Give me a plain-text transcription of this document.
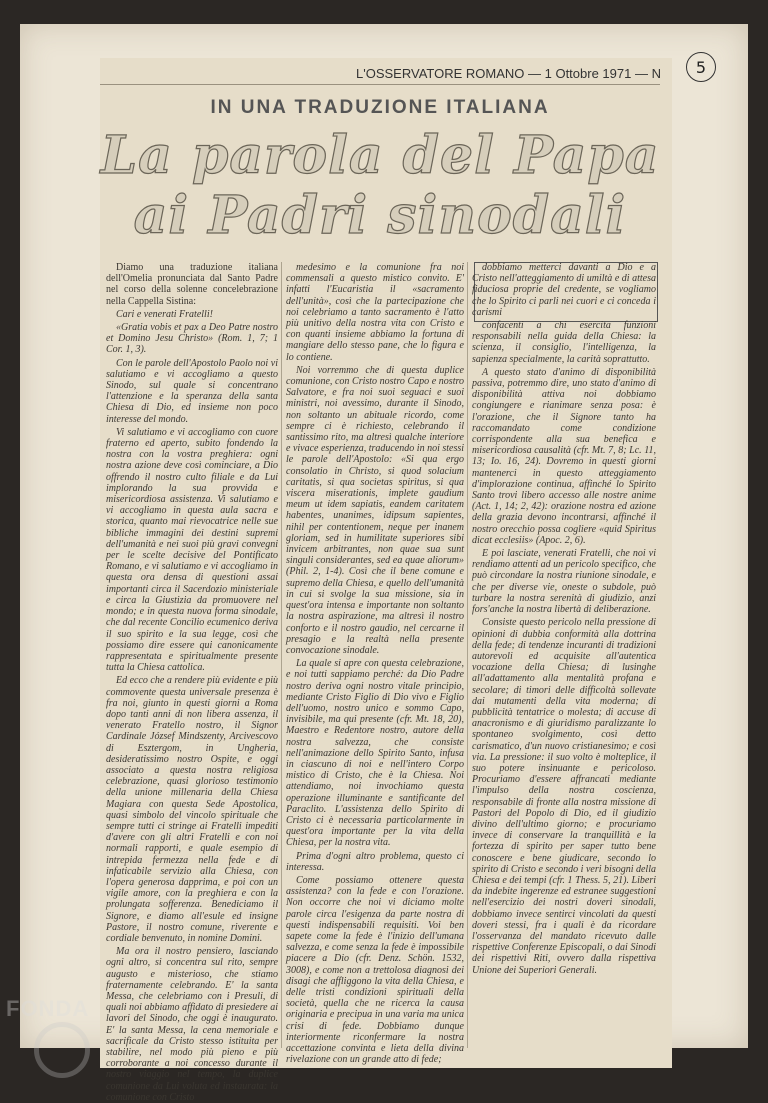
5
L'OSSERVATORE ROMANO — 1 Ottobre 1971 — N
IN UNA TRADUZIONE ITALIANA
La parola del Papa
ai Padri sinodali

Diamo una traduzione italiana dell'Omelia pronunciata dal Santo Padre nel corso della solenne concelebrazione nella Cappella Sistina:

Cari e venerati Fratelli!

«Gratia vobis et pax a Deo Patre nostro et Domino Jesu Christo» (Rom. 1, 7; 1 Cor. 1, 3).

Con le parole dell'Apostolo Paolo noi vi salutiamo e vi accogliamo a questo Sinodo, sul quale si concentrano l'attenzione e la speranza della santa Chiesa di Dio, ed insieme non poco interesse del mondo.

Vi salutiamo e vi accogliamo con cuore fraterno ed aperto, subito fondendo la nostra con la vostra preghiera: ogni nostra azione deve così cominciare, a Dio offrendo il nostro culto filiale e da Lui implorando la sua provvida e misericordiosa assistenza. Vi salutiamo e vi accogliamo in questa aula sacra e storica, quanto mai rievocatrice nelle sue bibliche immagini dei destini supremi dell'umanità e nei suoi più gravi convegni per le scelte decisive del Pontificato Romano, e vi salutiamo e vi accogliamo in questa ora densa di questioni assai importanti circa il Sacerdozio ministeriale e circa la Giustizia da promuovere nel mondo; e in questa nuova forma sinodale, che dal recente Concilio ecumenico deriva il suo spirito e la sua legge, così che possiamo dire essere qui canonicamente rappresentata e spiritualmente presente tutta la Chiesa cattolica.

Ed ecco che a rendere più evidente e più commovente questa universale presenza è fra noi, giunto in questi giorni a Roma dopo tanti anni di non libera assenza, il venerato Fratello nostro, il Signor Cardinale József Mindszenty, Arcivescovo di Esztergom, in Ungheria, desideratissimo nostro Ospite, e oggi associato a questa nostra religiosa celebrazione, quasi glorioso testimonio della unione millenaria della Chiesa Magiara con questa Sede Apostolica, quasi simbolo del vincolo spirituale che sempre tutti ci stringe ai Fratelli impediti d'avere con gli altri Fratelli e con noi normali rapporti, e quale esempio di intrepida fermezza nella fede e di infaticabile servizio alla Chiesa, con l'opera generosa dapprima, e poi con un vigile amore, con la preghiera e con la prolungata sofferenza. Benediciamo il Signore, e diamo all'esule ed insigne Pastore, il nostro comune, riverente e cordiale benvenuto, in nomine Domini.

Ma ora il nostro pensiero, lasciando ogni altro, si concentra sul rito, sempre augusto e misterioso, che stiamo fraternamente celebrando. E' la santa Messa, che celebriamo con i Presuli, di quali noi abbiamo affidato di presiedere ai lavori del Sinodo, che oggi è inaugurato. E' la santa Messa, la cena memoriale e sacrificale da Cristo stesso istituita per stabilire, nel modo più pieno e più corroborante a noi concesso durante il nostro viaggio nel tempo, la duplice comunione da Lui voluta ed instaurata: la comunione con Cristo

medesimo e la comunione fra noi commensali a questo mistico convito. E' infatti l'Eucaristia il «sacramento dell'unità», così che la partecipazione che noi celebriamo a tanto sacramento è l'atto più unitivo della nostra vita con Cristo e con quanti insieme abbiamo la fortuna di mangiare dello stesso pane, che lo figura e lo contiene.

Noi vorremmo che di questa duplice comunione, con Cristo nostro Capo e nostro Salvatore, e fra noi suoi seguaci e suoi ministri, noi avessimo, durante il Sinodo, non soltanto un abituale ricordo, come sempre ci è richiesto, celebrando il santissimo rito, ma altresì qualche interiore e vivace esperienza, traducendo in noi stessi le parole dell'Apostolo: «Si qua ergo consolatio in Christo, si quod solacium caritatis, si qua societas spiritus, si qua viscera miserationis, implete gaudium meum ut idem sapiatis, eandem caritatem habentes, unanimes, idipsum sapientes, nihil per contentionem, neque per inanem gloriam, sed in humilitate superiores sibi invicem arbitrantes, non quae sua sunt singuli considerantes, sed ea quae aliorum» (Phil. 2, 1-4). Così che il bene comune e supremo della Chiesa, e quello dell'umanità in cui si svolge la sua missione, sia in quest'ora intensa e importante non soltanto la nostra aspirazione, ma altresì il nostro conforto e il nostro gaudio, nel cercarne il presagio e la realtà nella presente convocazione sinodale.

La quale si apre con questa celebrazione, e noi tutti sappiamo perché: da Dio Padre nostro deriva ogni nostro vitale principio, mediante Cristo Figlio di Dio vivo e Figlio dell'uomo, nostro unico e sommo Capo, invisibile, ma qui presente (cfr. Mt. 18, 20), Maestro e Redentore nostro, autore della nostra salvezza, che consiste nell'animazione dello Spirito Santo, infusa in ciascuno di noi e nell'intero Corpo mistico di Cristo, che è la Chiesa. Noi attendiamo, noi invochiamo questa operazione illuminante e santificante del Paraclito. L'assistenza dello Spirito di Cristo ci è necessaria particolarmente in quest'ora importante per la vita della Chiesa, per la nostra vita.

Prima d'ogni altro problema, questo ci interessa.

Come possiamo ottenere questa assistenza? con la fede e con l'orazione. Non occorre che noi vi diciamo molte parole circa l'esigenza da parte nostra di questi indispensabili requisiti. Voi ben sapete come la fede è l'inizio dell'umana salvezza, e come senza la fede è impossibile piacere a Dio (cfr. Denz. Schön. 1532, 3008), e come non a trettolosa diagnosi dei disagi che affliggono la vita della Chiesa, e delle tristi condizioni spirituali della società, quella che ne ricerca la causa originaria e precipua in una varia ma unica crisi di fede. Dobbiamo dunque interiormente riconfermare la nostra accettazione convinta e lieta della divina rivelazione con un grande atto di fede;

dobbiamo metterci davanti a Dio e a Cristo nell'atteggiamento di umiltà e di attesa fiduciosa proprie del credente, se vogliamo che lo Spirito ci parli nei cuori e ci conceda i carismi

confacenti a chi esercita funzioni responsabili nella guida della Chiesa: la scienza, il consiglio, l'intelligenza, la sapienza specialmente, la carità soprattutto.

A questo stato d'animo di disponibilità passiva, potremmo dire, uno stato d'animo di disponibilità attiva noi dobbiamo congiungere e rianimare senza posa: è l'orazione, che il Signore tanto ha raccomandato come condizione corrispondente alla sua benefica e misericordiosa causalità (cfr. Mt. 7, 8; Lc. 11, 13; Io. 16, 24). Dovremo in questi giorni mantenerci in questo atteggiamento d'implorazione continua, affinché lo Spirito Santo trovi libero accesso alle nostre anime (Act. 1, 14; 2, 42): orazione nostra ed azione della grazia devono incontrarsi, affinché il nostro orecchio possa cogliere «quid Spiritus dicat ecclesiis» (Apoc. 2, 6).

E poi lasciate, venerati Fratelli, che noi vi rendiamo attenti ad un pericolo specifico, che può circondare la nostra riunione sinodale, e che per diverse vie, oneste o subdole, può turbare la nostra serenità di giudizio, anzi fors'anche la nostra libertà di deliberazione.

Consiste questo pericolo nella pressione di opinioni di dubbia conformità alla dottrina della fede; di tendenze incuranti di tradizioni autorevoli ed acquisite all'autentica vocazione della Chiesa; di lusinghe all'adattamento alla mentalità profana e secolare; di timori delle difficoltà sollevate dai mutamenti della vita moderna; di pubblicità tentatrice o molesta; di accuse di anacronismo e di giuridismo paralizzante lo spontaneo svolgimento, così detto carismatico, d'un nuovo cristianesimo; e così via. La pressione: il suo volto è molteplice, il suo potere insinuante e pericoloso. Procuriamo d'essere affrancati mediante l'impulso della nostra coscienza, responsabile di fronte alla nostra missione di Pastori del Popolo di Dio, ed il giudizio divino dell'ultimo giorno; e procuriamo invece di conservare la tranquillità e la fortezza di spirito per saper tutto bene conoscere e bene giudicare, secondo lo spirito di Cristo e secondo i veri bisogni della Chiesa e dei tempi (cfr. 1 Thess. 5, 21). Liberi da indebite ingerenze ed estranee suggestioni nell'esercizio dei nostri doveri sinodali, dobbiamo invece sentirci vincolati da questi doveri stessi, fra i quali è da ricordare l'osservanza del mandato ricevuto dalle rispettive Conferenze Episcopali, o dai Sinodi dei rispettivi Riti, ovvero dalla rispettiva Unione dei Superiori Generali.

FONDA
